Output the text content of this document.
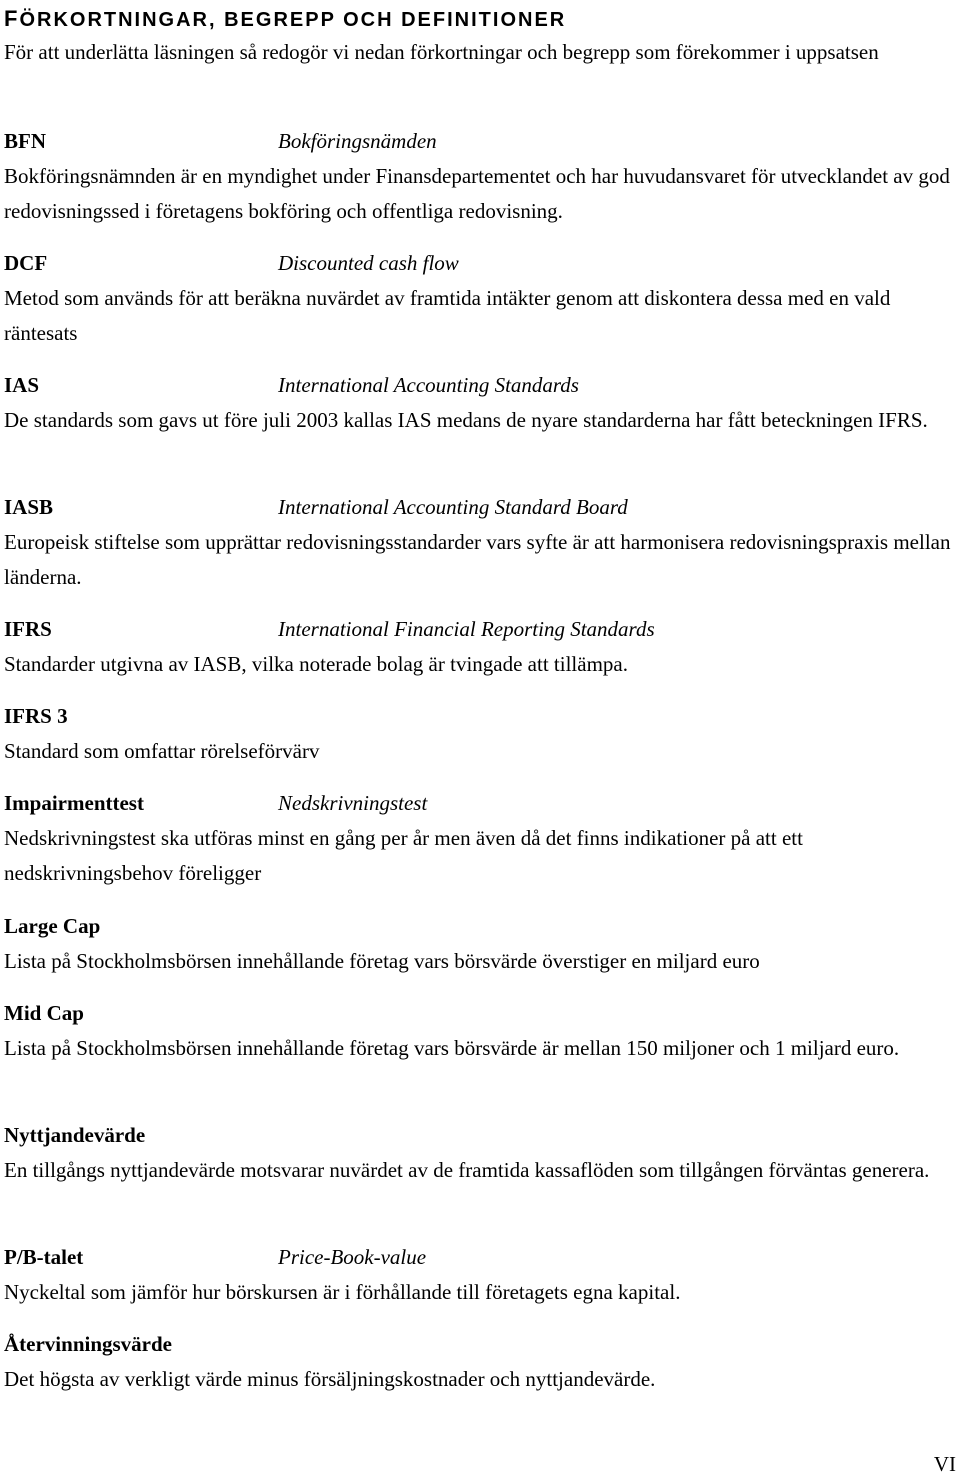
FÖRKORTNINGAR, BEGREPP OCH DEFINITIONER
För att underlätta läsningen så redogör vi nedan förkortningar och begrepp som förekommer i uppsatsen
BFN	Bokföringsnämden
Bokföringsnämnden är en myndighet under Finansdepartementet och har huvudansvaret för utvecklandet av god redovisningssed i företagens bokföring och offentliga redovisning.
DCF	Discounted cash flow
Metod som används för att beräkna nuvärdet av framtida intäkter genom att diskontera dessa med en vald räntesats
IAS	International Accounting Standards
De standards som gavs ut före juli 2003 kallas IAS medans de nyare standarderna har fått beteckningen IFRS.
IASB	International Accounting Standard Board
Europeisk stiftelse som upprättar redovisningsstandarder vars syfte är att harmonisera redovisningspraxis mellan länderna.
IFRS	International Financial Reporting Standards
Standarder utgivna av IASB, vilka noterade bolag är tvingade att tillämpa.
IFRS 3
Standard som omfattar rörelseförvärv
Impairmenttest	Nedskrivningstest
Nedskrivningstest ska utföras minst en gång per år men även då det finns indikationer på att ett nedskrivningsbehov föreligger
Large Cap
Lista på Stockholmsbörsen innehållande företag vars börsvärde överstiger en miljard euro
Mid Cap
Lista på Stockholmsbörsen innehållande företag vars börsvärde är mellan 150 miljoner och 1 miljard euro.
Nyttjandevärde
En tillgångs nyttjandevärde motsvarar nuvärdet av de framtida kassaflöden som tillgången förväntas generera.
P/B-talet	Price-Book-value
Nyckeltal som jämför hur börskursen är i förhållande till företagets egna kapital.
Återvinningsvärde
Det högsta av verkligt värde minus försäljningskostnader och nyttjandevärde.
VI
